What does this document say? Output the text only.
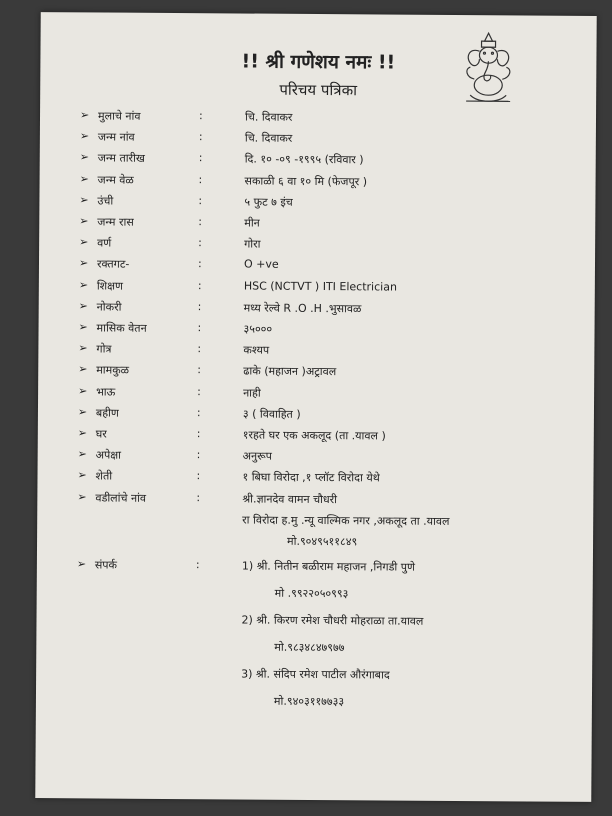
!! श्री गणेशय नमः !!
परिचय पत्रिका
➢ मुलाचे नांव	:	चि. दिवाकर
➢ जन्म नांव	:	चि. दिवाकर
➢ जन्म तारीख	:	दि. १० -०९ -१९९५ (रविवार )
➢ जन्म वेळ	:	सकाळी ६ वा १० मि (फेजपूर )
➢ उंची	:	५ फुट ७ इंच
➢ जन्म रास	:	मीन
➢ वर्ण	:	गोरा
➢ रक्तगट-	:	O +ve
➢ शिक्षण	:	HSC (NCTVT ) ITI Electrician
➢ नोकरी	:	मध्य रेल्वे R .O .H .भुसावळ
➢ मासिक वेतन	:	३५०००
➢ गोत्र	:	कश्यप
➢ मामकुळ	:	ढाके (महाजन )अट्रावल
➢ भाऊ	:	नाही
➢ बहीण	:	३ ( विवाहित )
➢ घर	:	१रहते घर एक अकलूद (ता .यावल )
➢ अपेक्षा	:	अनुरूप
➢ शेती	:	१ बिघा विरोदा ,१ प्लॉट विरोदा येथे
➢ वडीलांचे नांव	:	श्री.ज्ञानदेव वामन चौधरी
रा विरोदा ह.मु .न्यू वाल्मिक नगर ,अकलूद ता .यावल
मो.९०४९५११८४९
➢ संपर्क	:	1) श्री. नितीन बळीराम महाजन ,निगडी पुणे
मो .९९२२०५०९९३
2) श्री. किरण रमेश चौधरी मोहराळा ता.यावल
मो.९८३४८४७९७७
3) श्री. संदिप रमेश पाटील औरंगाबाद
मो.९४०३११७७३३
